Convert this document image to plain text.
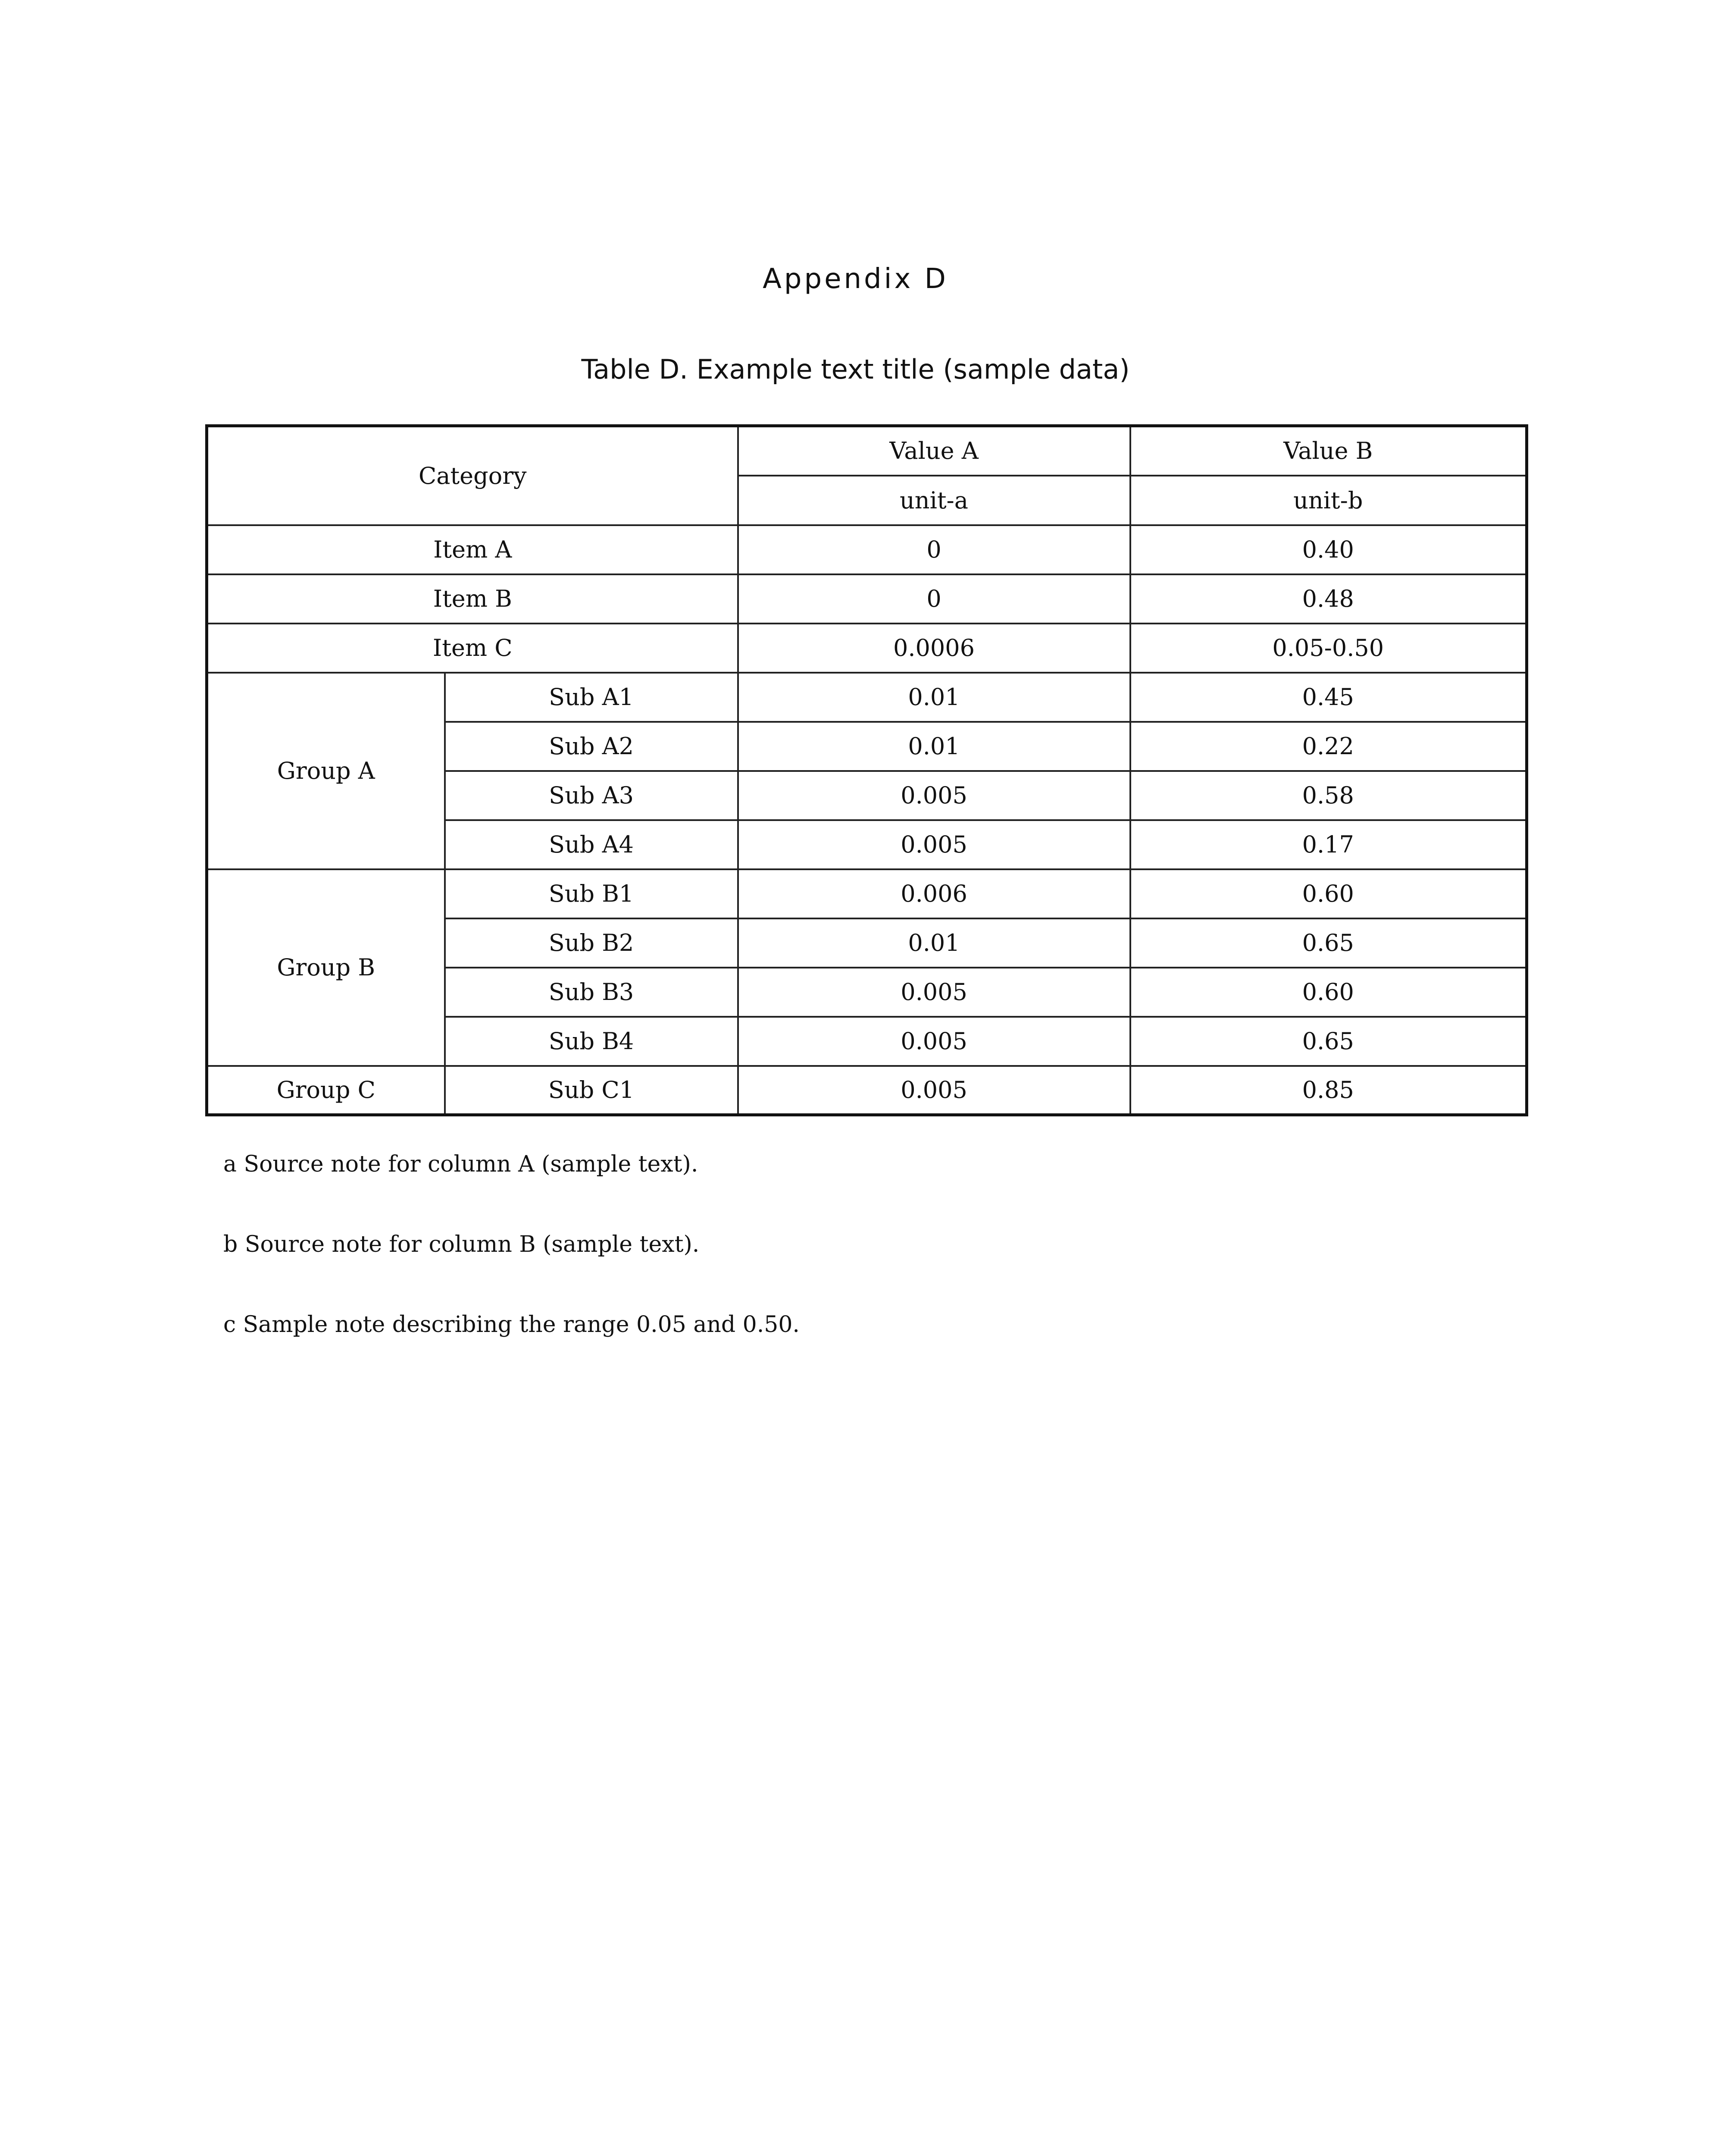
Appendix D
Table D. Example text title (sample data)
Category		Value A	Value B
		unit-a	unit-b
Item A		0	0.40
Item B		0	0.48
Item C		0.0006	0.05-0.50
Group A	Sub A1	0.01	0.45
	Sub A2	0.01	0.22
	Sub A3	0.005	0.58
	Sub A4	0.005	0.17
Group B	Sub B1	0.006	0.60
	Sub B2	0.01	0.65
	Sub B3	0.005	0.60
	Sub B4	0.005	0.65
Group C	Sub C1	0.005	0.85
a Source note for column A (sample text).
b Source note for column B (sample text).
c Sample note describing the range 0.05 and 0.50.
